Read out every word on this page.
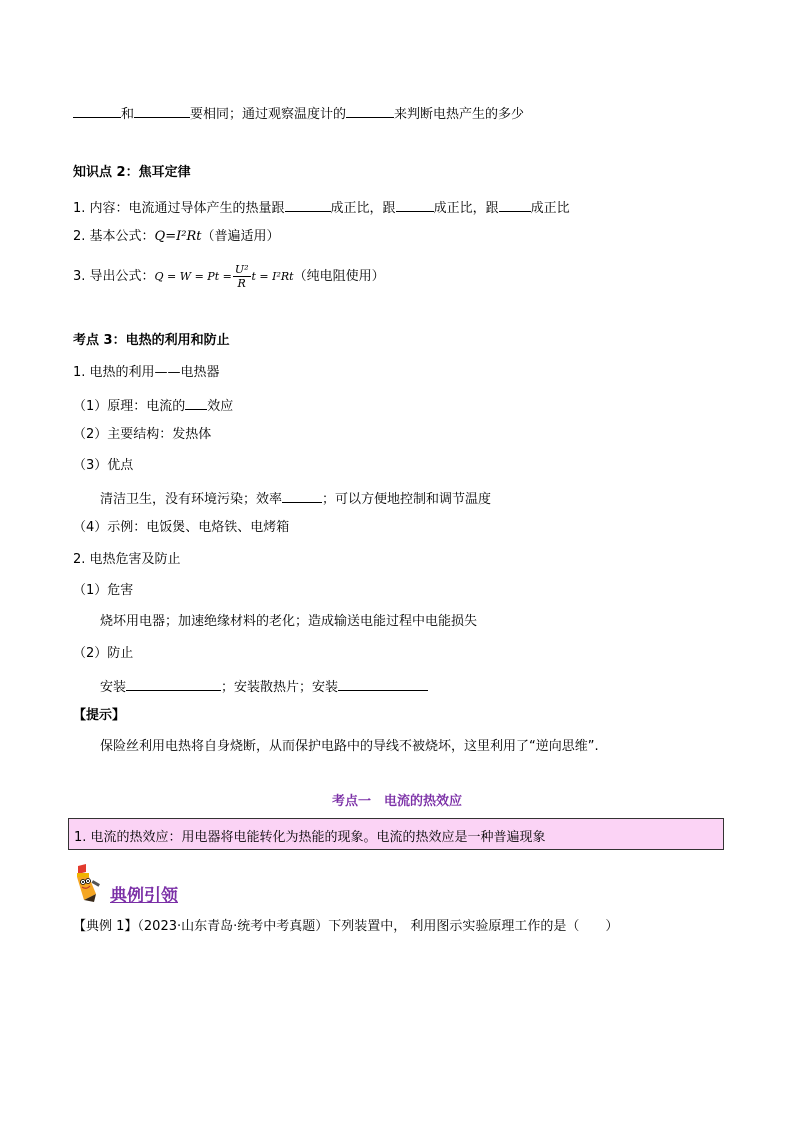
和	要相同；通过观察温度计的	来判断电热产生的多少
知识点 2：焦耳定律
1. 内容：电流通过导体产生的热量跟	成正比，跟	成正比，跟 成正比
2. 基本公式：Q=I²Rt（普遍适用）
3. 导出公式：$Q = W = Pt = \frac{\text{U²}}{R}$ t = I²Rt（纯电阻使用）
考点 3：电热的利用和防止
1. 电热的利用——电热器
（1）原理：电流的 效应
（2）主要结构：发热体
（3）优点
清洁卫生，没有环境污染；效率	；可以方便地控制和调节温度
（4）示例：电饭煲、电烙铁、电烤箱
2. 电热危害及防止
（1）危害
烧坏用电器；加速绝缘材料的老化；造成输送电能过程中电能损失
（2）防止
安装	；安装散热片；安装
【提示】
保险丝利用电热将自身烧断，从而保护电路中的导线不被烧坏，这里利用了“逆向思维”.
考点一　电流的热效应
1. 电流的热效应：用电器将电能转化为热能的现象。电流的热效应是一种普遍现象
典例引领
【典例 1】（2023·山东青岛·统考中考真题）下列装置中， 利用图示实验原理工作的是（　　）
